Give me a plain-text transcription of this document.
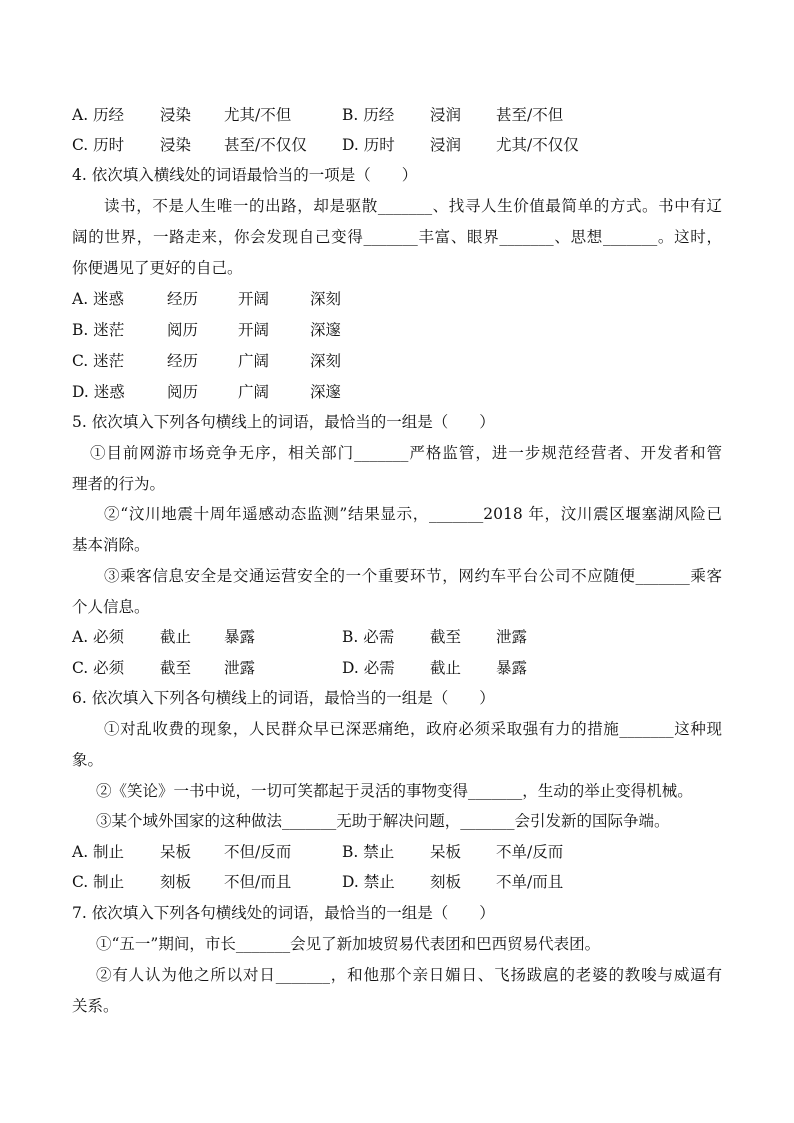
A. 历经 浸染 尤其/不但	B. 历经 浸润 甚至/不但
C. 历时 浸染 甚至/不仅仅 D. 历时 浸润 尤其/不仅仅
4. 依次填入横线处的词语最恰当的一项是（　　）
读书，不是人生唯一的出路，却是驱散_______、找寻人生价值最简单的方式。书中有辽
阔的世界，一路走来，你会发现自己变得_______丰富、眼界_______、思想_______。这时，
你便遇见了更好的自己。
A. 迷惑	经历	开阔	深刻
B. 迷茫	阅历	开阔	深邃
C. 迷茫	经历	广阔	深刻
D. 迷惑	阅历	广阔	深邃
5. 依次填入下列各句横线上的词语，最恰当的一组是（　　）
①目前网游市场竞争无序，相关部门_______严格监管，进一步规范经营者、开发者和管
理者的行为。
②“汶川地震十周年遥感动态监测”结果显示，_______2018 年，汶川震区堰塞湖风险已
基本消除。
③乘客信息安全是交通运营安全的一个重要环节，网约车平台公司不应随便_______乘客
个人信息。
A. 必须 截止 暴露	B. 必需 截至 泄露
C. 必须 截至 泄露	D. 必需 截止 暴露
6. 依次填入下列各句横线上的词语，最恰当的一组是（　　）
①对乱收费的现象，人民群众早已深恶痛绝，政府必须采取强有力的措施_______这种现
象。
②《笑论》一书中说，一切可笑都起于灵活的事物变得_______，生动的举止变得机械。
③某个域外国家的这种做法_______无助于解决问题，_______会引发新的国际争端。
A. 制止 呆板 不但/反而	B. 禁止 呆板 不单/反而
C. 制止 刻板 不但/而且	D. 禁止 刻板 不单/而且
7. 依次填入下列各句横线处的词语，最恰当的一组是（　　）
①“五一”期间，市长_______会见了新加坡贸易代表团和巴西贸易代表团。
②有人认为他之所以对日_______，和他那个亲日媚日、飞扬跋扈的老婆的教唆与威逼有
关系。
